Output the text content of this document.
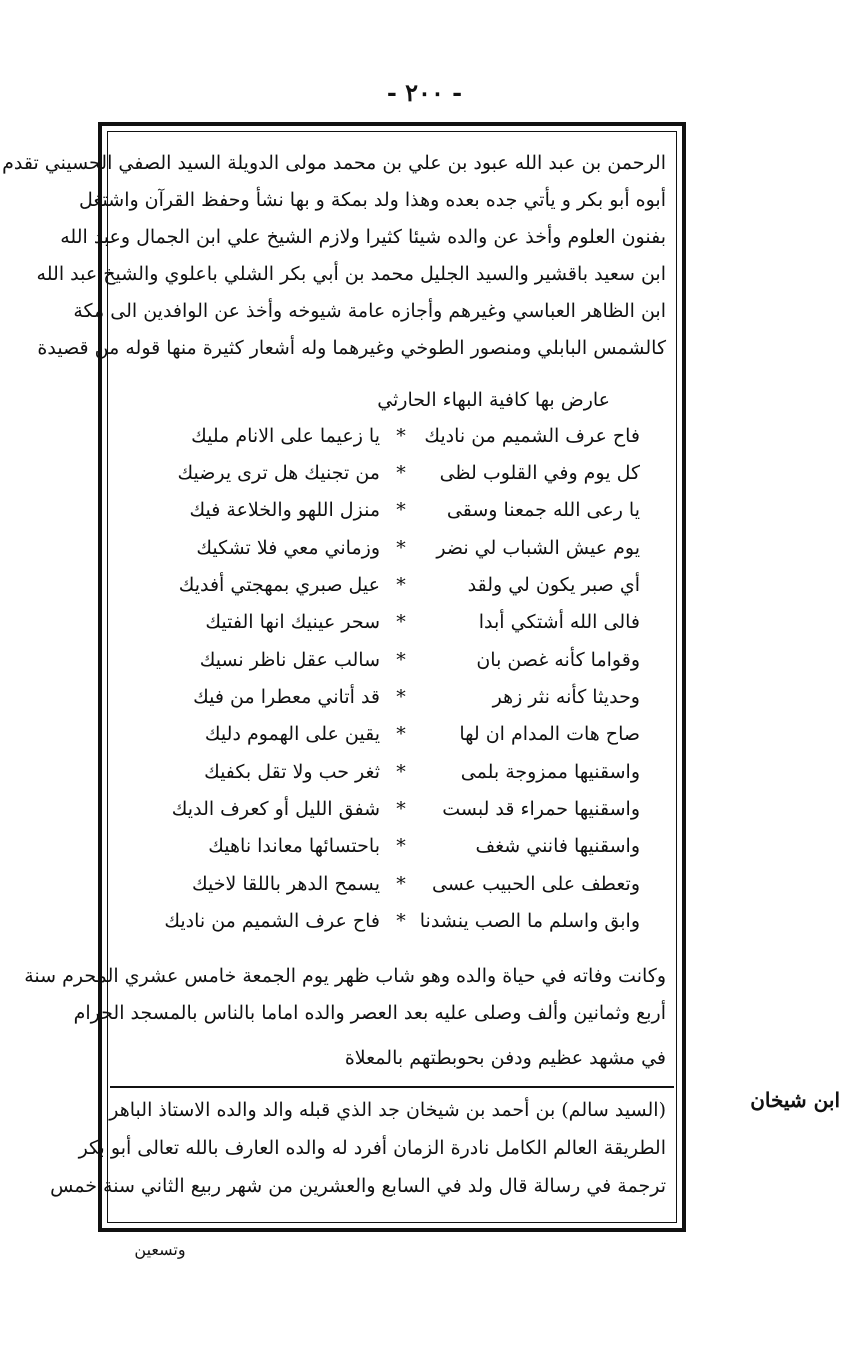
- ٢٠٠ -
الرحمن بن عبد الله عبود بن علي بن محمد مولى الدويلة السيد الصفي الحسيني تقدم
أبوه أبو بكر و يأتي جده بعده وهذا ولد بمكة و بها نشأ وحفظ القرآن واشتغل
بفنون العلوم وأخذ عن والده شيئا كثيرا ولازم الشيخ علي ابن الجمال وعبد الله
ابن سعيد باقشير والسيد الجليل محمد بن أبي بكر الشلي باعلوي والشيخ عبد الله
ابن الظاهر العباسي وغيرهم وأجازه عامة شيوخه وأخذ عن الوافدين الى مكة
كالشمس البابلي ومنصور الطوخي وغيرهما وله أشعار كثيرة منها قوله من قصيدة
عارض بها كافية البهاء الحارثي
فاح عرف الشميم من ناديك
*
يا زعيما على الانام مليك
كل يوم وفي القلوب لظى
*
من تجنيك هل ترى يرضيك
يا رعى الله جمعنا وسقى
*
منزل اللهو والخلاعة فيك
يوم عيش الشباب لي نضر
*
وزماني معي فلا تشكيك
أي صبر يكون لي ولقد
*
عيل صبري بمهجتي أفديك
فالى الله أشتكي أبدا
*
سحر عينيك انها الفتيك
وقواما كأنه غصن بان
*
سالب عقل ناظر نسيك
وحديثا كأنه نثر زهر
*
قد أتاني معطرا من فيك
صاح هات المدام ان لها
*
يقين على الهموم دليك
واسقنيها ممزوجة بلمى
*
ثغر حب ولا تقل بكفيك
واسقنيها حمراء قد لبست
*
شفق الليل أو كعرف الديك
واسقنيها فانني شغف
*
باحتسائها معاندا ناهيك
وتعطف على الحبيب عسى
*
يسمح الدهر باللقا لاخيك
وابق واسلم ما الصب ينشدنا
*
فاح عرف الشميم من ناديك
وكانت وفاته في حياة والده وهو شاب ظهر يوم الجمعة خامس عشري المحرم سنة
أربع وثمانين وألف وصلى عليه بعد العصر والده اماما بالناس بالمسجد الحرام
في مشهد عظيم ودفن بحوبطتهم بالمعلاة
ابن شيخان
(السيد سالم) بن أحمد بن شيخان جد الذي قبله والد والده الاستاذ الباهر
الطريقة العالم الكامل نادرة الزمان أفرد له والده العارف بالله تعالى أبو بكر
ترجمة في رسالة قال ولد في السابع والعشرين من شهر ربيع الثاني سنة خمس
وتسعين
